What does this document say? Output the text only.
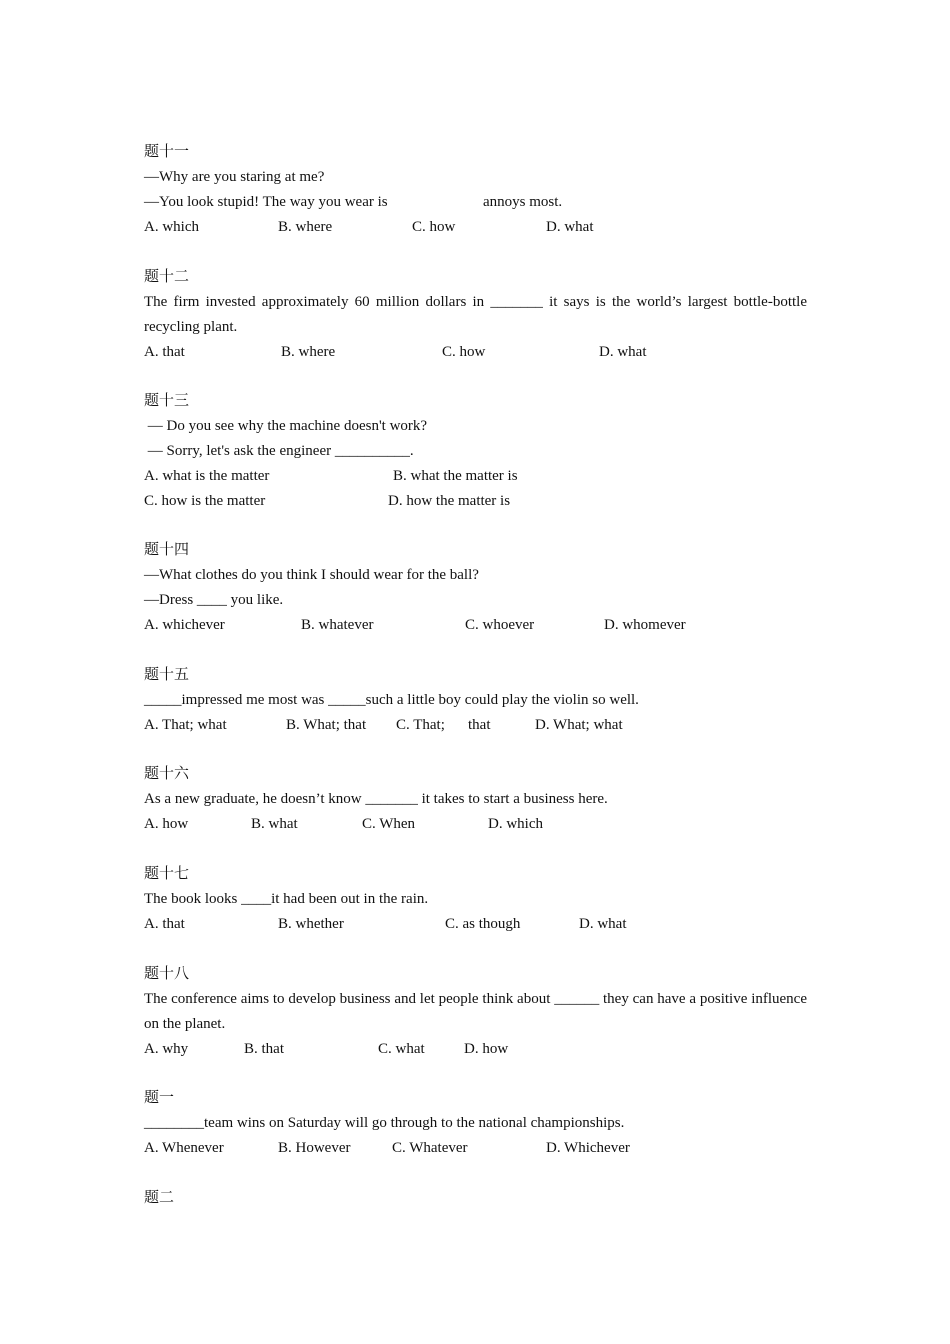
题十一
—Why are you staring at me?
—You look stupid! The way you wear is	annoys most.
A. which	B. where	C. how	D. what
题十二
The firm invested approximately 60 million dollars in _______ it says is the world’s largest bottle-bottle recycling plant.
A. that	B. where	C. how	D. what
题十三
— Do you see why the machine doesn't work?
— Sorry, let's ask the engineer __________.
A. what is the matter	B. what the matter is
C. how is the matter	D. how the matter is
题十四
—What clothes do you think I should wear for the ball?
—Dress ____ you like.
A. whichever	B. whatever	C. whoever	D. whomever
题十五
_____impressed me most was _____such a little boy could play the violin so well.
A. That; what	B. What; that C. That; that	D. What; what
题十六
As a new graduate, he doesn’t know _______ it takes to start a business here.
A. how	B. what	C. When	D. which
题十七
The book looks ____it had been out in the rain.
A. that	B. whether	C. as though	D. what
题十八
The conference aims to develop business and let people think about ______ they can have a positive influence on the planet.
A. why	B. that	C. what	D. how
题一
________team wins on Saturday will go through to the national championships.
A. Whenever	B. However	C. Whatever	D. Whichever
题二
